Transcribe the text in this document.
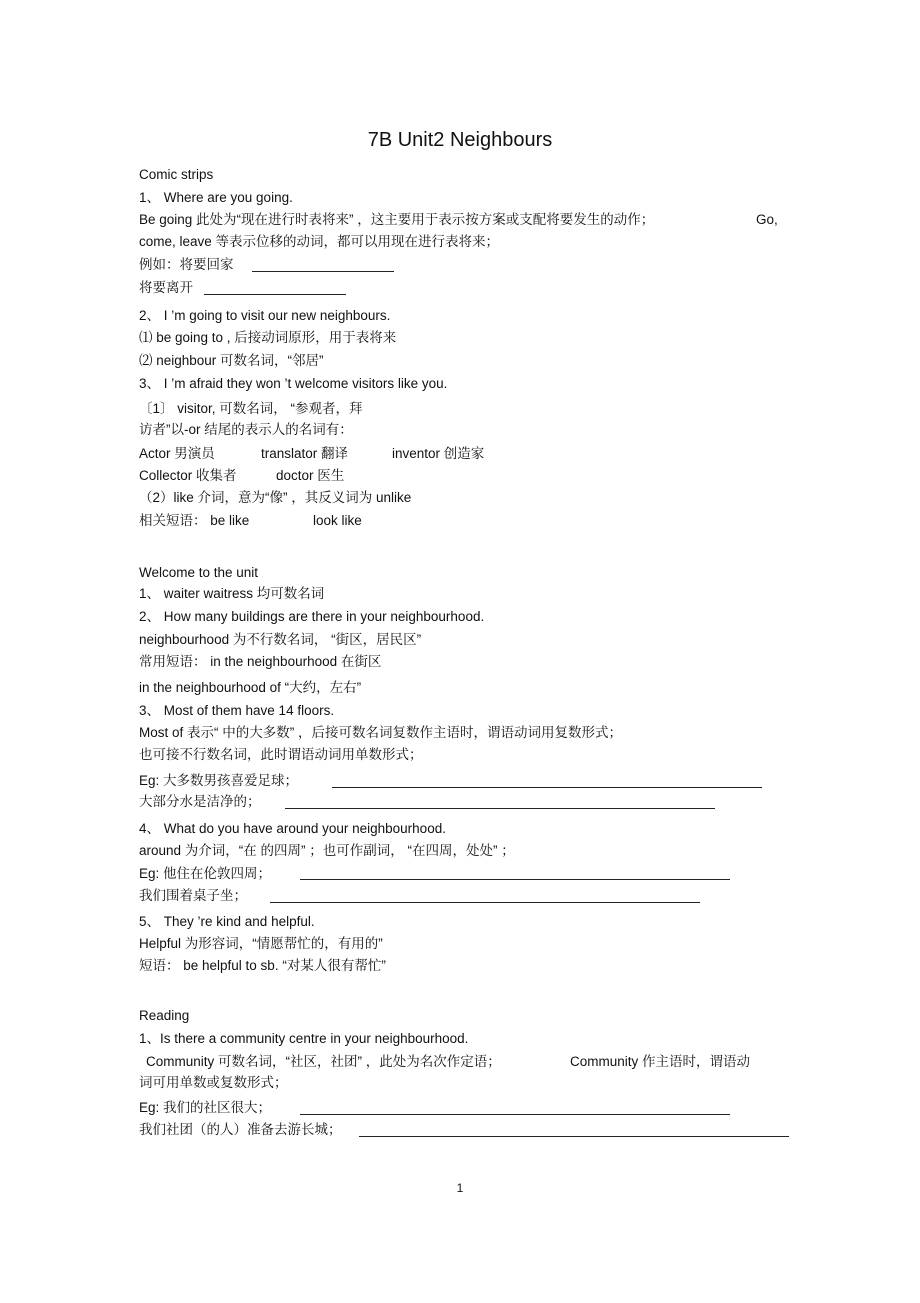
7B Unit2 Neighbours
Comic strips
1、 Where are you going.
Be going 此处为“现在进行时表将来” ，这主要用于表示按方案或支配将要发生的动作；	Go,
come, leave 等表示位移的动词，都可以用现在进行表将来；
例如：将要回家
将要离开
2、 I ’m going to visit our new neighbours.
⑴ be going to , 后接动词原形，用于表将来
⑵ neighbour 可数名词，“邻居”
3、 I ’m afraid they won ’t welcome visitors like you.
〔1〕 visitor, 可数名词， “参观者，拜
访者”以-or 结尾的表示人的名词有：
Actor 男演员	translator 翻译	inventor 创造家
Collector 收集者	doctor 医生
（2）like 介词，意为“像” ，其反义词为 unlike
相关短语： be like	look like
Welcome to the unit
1、 waiter waitress 均可数名词
2、 How many buildings are there in your neighbourhood.
neighbourhood 为不行数名词， “街区，居民区”
常用短语： in the neighbourhood 在街区
in the neighbourhood of “大约，左右”
3、 Most of them have 14 floors.
Most of 表示“ 中的大多数” ，后接可数名词复数作主语时，谓语动词用复数形式；
也可接不行数名词，此时谓语动词用单数形式；
Eg: 大多数男孩喜爱足球；
大部分水是洁净的；
4、 What do you have around your neighbourhood.
around 为介词，“在 的四周” ；也可作副词， “在四周，处处” ；
Eg: 他住在伦敦四周；
我们围着桌子坐；
5、 They ’re kind and helpful.
Helpful 为形容词，“情愿帮忙的，有用的”
短语： be helpful to sb. “对某人很有帮忙”
Reading
1、Is there a community centre in your neighbourhood.
Community 可数名词，“社区，社团” ，此处为名次作定语；	Community 作主语时，谓语动
词可用单数或复数形式；
Eg: 我们的社区很大；
我们社团（的人）准备去游长城；
1
